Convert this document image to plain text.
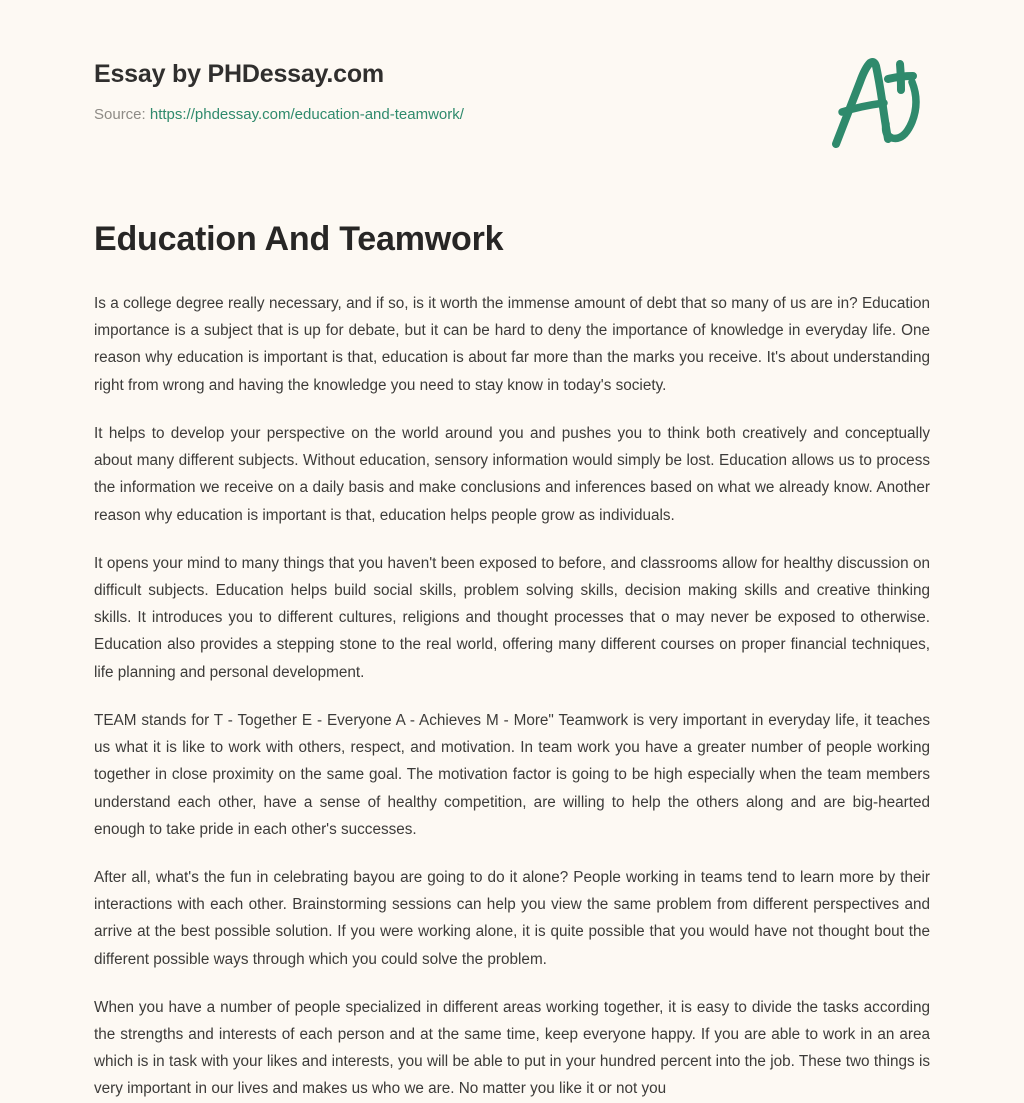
Essay by PHDessay.com
Source: https://phdessay.com/education-and-teamwork/
Education And Teamwork

Is a college degree really necessary, and if so, is it worth the immense amount of debt that so many of us are in? Education importance is a subject that is up for debate, but it can be hard to deny the importance of knowledge in everyday life. One reason why education is important is that, education is about far more than the marks you receive. It's about understanding right from wrong and having the knowledge you need to stay know in today's society.

It helps to develop your perspective on the world around you and pushes you to think both creatively and conceptually about many different subjects. Without education, sensory information would simply be lost. Education allows us to process the information we receive on a daily basis and make conclusions and inferences based on what we already know. Another reason why education is important is that, education helps people grow as individuals.

It opens your mind to many things that you haven't been exposed to before, and classrooms allow for healthy discussion on difficult subjects. Education helps build social skills, problem solving skills, decision making skills and creative thinking skills. It introduces you to different cultures, religions and thought processes that o may never be exposed to otherwise. Education also provides a stepping stone to the real world, offering many different courses on proper financial techniques, life planning and personal development.

TEAM stands for T - Together E - Everyone A - Achieves M - More" Teamwork is very important in everyday life, it teaches us what it is like to work with others, respect, and motivation. In team work you have a greater number of people working together in close proximity on the same goal. The motivation factor is going to be high especially when the team members understand each other, have a sense of healthy competition, are willing to help the others along and are big-hearted enough to take pride in each other's successes.

After all, what's the fun in celebrating bayou are going to do it alone? People working in teams tend to learn more by their interactions with each other. Brainstorming sessions can help you view the same problem from different perspectives and arrive at the best possible solution. If you were working alone, it is quite possible that you would have not thought bout the different possible ways through which you could solve the problem.

When you have a number of people specialized in different areas working together, it is easy to divide the tasks according the strengths and interests of each person and at the same time, keep everyone happy. If you are able to work in an area which is in task with your likes and interests, you will be able to put in your hundred percent into the job. These two things is very important in our lives and makes us who we are. No matter you like it or not you
